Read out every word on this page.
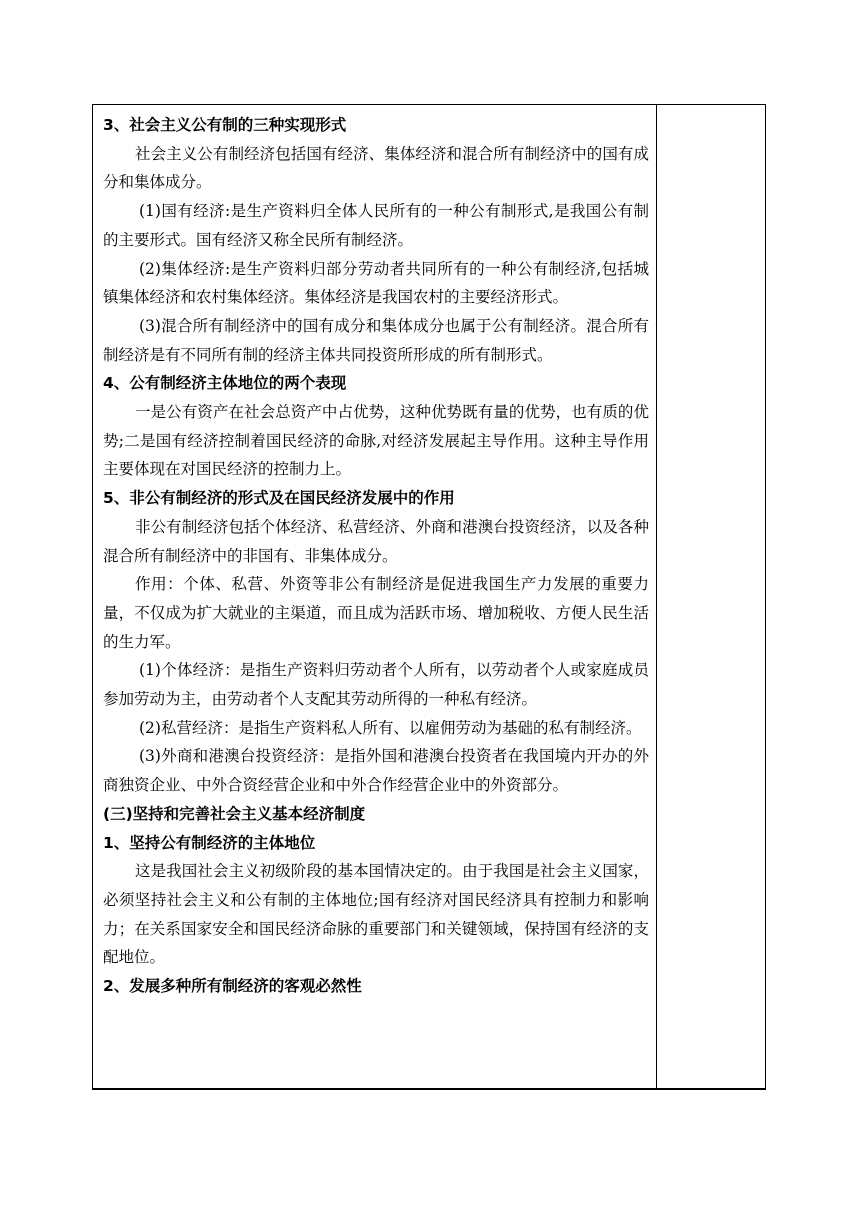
3、社会主义公有制的三种实现形式

社会主义公有制经济包括国有经济、集体经济和混合所有制经济中的国有成分和集体成分。

(1)国有经济:是生产资料归全体人民所有的一种公有制形式,是我国公有制的主要形式。国有经济又称全民所有制经济。

(2)集体经济:是生产资料归部分劳动者共同所有的一种公有制经济,包括城镇集体经济和农村集体经济。集体经济是我国农村的主要经济形式。

(3)混合所有制经济中的国有成分和集体成分也属于公有制经济。混合所有制经济是有不同所有制的经济主体共同投资所形成的所有制形式。

4、公有制经济主体地位的两个表现

一是公有资产在社会总资产中占优势，这种优势既有量的优势，也有质的优势;二是国有经济控制着国民经济的命脉,对经济发展起主导作用。这种主导作用主要体现在对国民经济的控制力上。

5、非公有制经济的形式及在国民经济发展中的作用

非公有制经济包括个体经济、私营经济、外商和港澳台投资经济，以及各种混合所有制经济中的非国有、非集体成分。

作用：个体、私营、外资等非公有制经济是促进我国生产力发展的重要力量，不仅成为扩大就业的主渠道，而且成为活跃市场、增加税收、方便人民生活的生力军。

(1)个体经济：是指生产资料归劳动者个人所有，以劳动者个人或家庭成员参加劳动为主，由劳动者个人支配其劳动所得的一种私有经济。

(2)私营经济：是指生产资料私人所有、以雇佣劳动为基础的私有制经济。

(3)外商和港澳台投资经济：是指外国和港澳台投资者在我国境内开办的外商独资企业、中外合资经营企业和中外合作经营企业中的外资部分。

(三)坚持和完善社会主义基本经济制度

1、坚持公有制经济的主体地位

这是我国社会主义初级阶段的基本国情决定的。由于我国是社会主义国家，必须坚持社会主义和公有制的主体地位;国有经济对国民经济具有控制力和影响力；在关系国家安全和国民经济命脉的重要部门和关键领域，保持国有经济的支配地位。

2、发展多种所有制经济的客观必然性
